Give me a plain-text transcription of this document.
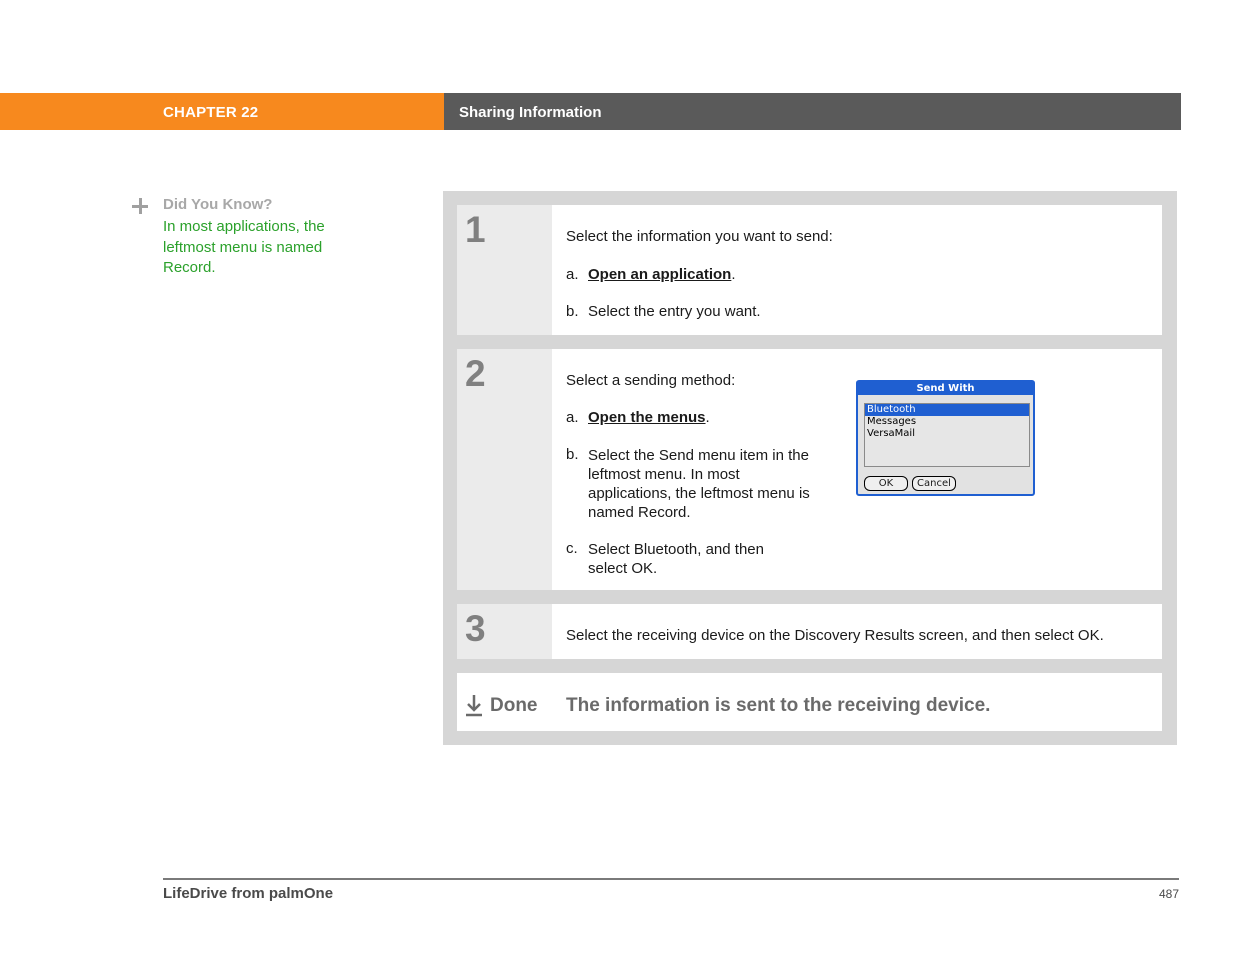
CHAPTER 22	Sharing Information
Did You Know?
In most applications, the leftmost menu is named Record.
1	Select the information you want to send:
a. Open an application.
b. Select the entry you want.
2	Select a sending method:
a. Open the menus.
b. Select the Send menu item in the leftmost menu. In most applications, the leftmost menu is named Record.
c. Select Bluetooth, and then select OK.
Send With
Bluetooth
Messages
VersaMail
OK	Cancel
3	Select the receiving device on the Discovery Results screen, and then select OK.
Done The information is sent to the receiving device.
LifeDrive from palmOne	487
